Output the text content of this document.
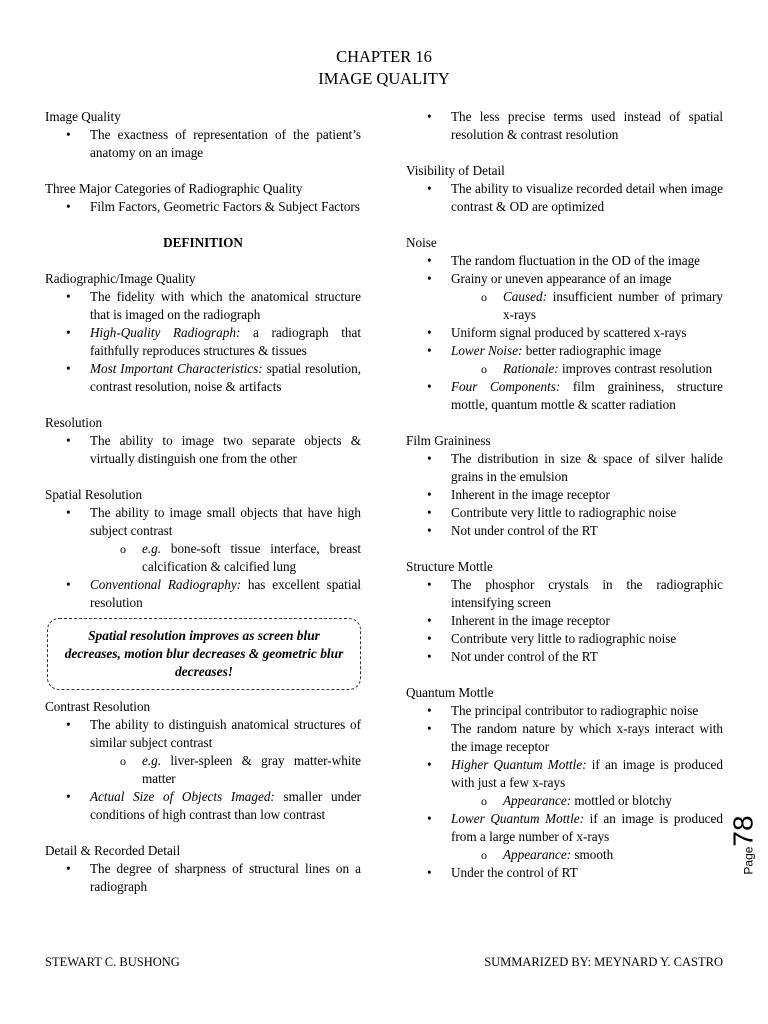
CHAPTER 16
IMAGE QUALITY

Image Quality

• The exactness of representation of the patient’s anatomy on an image

Three Major Categories of Radiographic Quality

• Film Factors, Geometric Factors & Subject Factors

DEFINITION

Radiographic/Image Quality

• The fidelity with which the anatomical structure that is imaged on the radiograph
• High-Quality Radiograph: a radiograph that faithfully reproduces structures & tissues
• Most Important Characteristics: spatial resolution, contrast resolution, noise & artifacts

Resolution

• The ability to image two separate objects & virtually distinguish one from the other

Spatial Resolution

• The ability to image small objects that have high subject contrast
o e.g. bone-soft tissue interface, breast calcification & calcified lung
• Conventional Radiography: has excellent spatial resolution
Spatial resolution improves as screen blur decreases, motion blur decreases & geometric blur decreases!

Contrast Resolution

• The ability to distinguish anatomical structures of similar subject contrast
o e.g. liver-spleen & gray matter-white matter
• Actual Size of Objects Imaged: smaller under conditions of high contrast than low contrast

Detail & Recorded Detail

• The degree of sharpness of structural lines on a radiograph
• The less precise terms used instead of spatial resolution & contrast resolution

Visibility of Detail

• The ability to visualize recorded detail when image contrast & OD are optimized

Noise

• The random fluctuation in the OD of the image
• Grainy or uneven appearance of an image
o Caused: insufficient number of primary x-rays
• Uniform signal produced by scattered x-rays
• Lower Noise: better radiographic image
o Rationale: improves contrast resolution
• Four Components: film graininess, structure mottle, quantum mottle & scatter radiation

Film Graininess

• The distribution in size & space of silver halide grains in the emulsion
• Inherent in the image receptor
• Contribute very little to radiographic noise
• Not under control of the RT

Structure Mottle

• The phosphor crystals in the radiographic intensifying screen
• Inherent in the image receptor
• Contribute very little to radiographic noise
• Not under control of the RT

Quantum Mottle

• The principal contributor to radiographic noise
• The random nature by which x-rays interact with the image receptor
• Higher Quantum Mottle: if an image is produced with just a few x-rays
o Appearance: mottled or blotchy
• Lower Quantum Mottle: if an image is produced from a large number of x-rays
o Appearance: smooth
• Under the control of RT	Page78
STEWART C. BUSHONG	SUMMARIZED BY: MEYNARD Y. CASTRO
